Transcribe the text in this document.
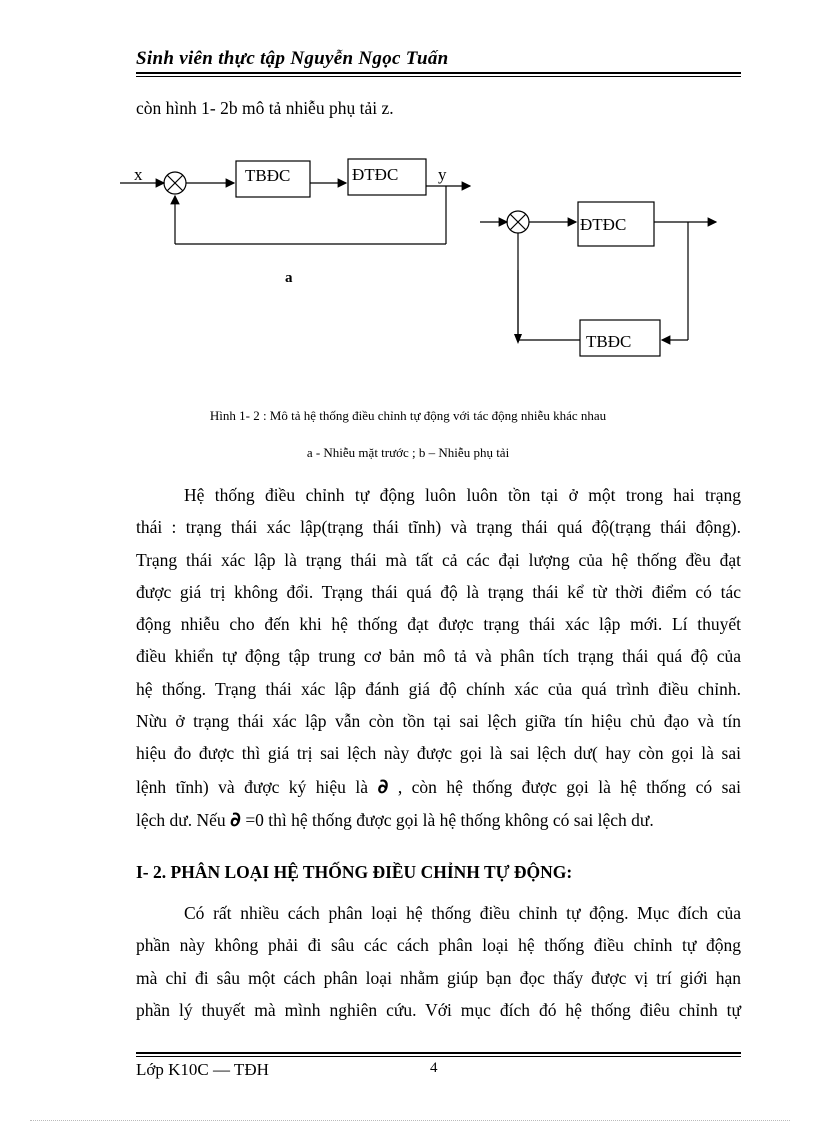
Sinh viên thực tập Nguyễn Ngọc Tuấn
còn hình 1- 2b mô tả nhiễu phụ tải z.
x	y
TBĐC	ĐTĐC
a
ĐTĐC
TBĐC
Hình 1- 2 : Mô tả hệ thống điều chỉnh tự động với tác động nhiễu khác nhau
a - Nhiễu mặt trước ; b – Nhiễu phụ tải
Hệ thống điều chỉnh tự động luôn luôn tồn tại ở một trong hai trạng
thái : trạng thái xác lập(trạng thái tĩnh) và trạng thái quá độ(trạng thái động).
Trạng thái xác lập là trạng thái mà tất cả các đại lượng của hệ thống đều đạt
được giá trị không đổi. Trạng thái quá độ là trạng thái kể từ thời điểm có tác
động nhiễu cho đến khi hệ thống đạt được trạng thái xác lập mới. Lí thuyết
điều khiển tự động tập trung cơ bản mô tả và phân tích trạng thái quá độ của
hệ thống. Trạng thái xác lập đánh giá độ chính xác của quá trình điều chỉnh.
Nừu ở trạng thái xác lập vẫn còn tồn tại sai lệch giữa tín hiệu chủ đạo và tín
hiệu đo được thì giá trị sai lệch này được gọi là sai lệch dư( hay còn gọi là sai
lệnh tĩnh) và được ký hiệu là ∂ , còn hệ thống được gọi là hệ thống có sai
lệch dư. Nếu ∂ =0 thì hệ thống được gọi là hệ thống không có sai lệch dư.
I- 2. PHÂN LOẠI HỆ THỐNG ĐIỀU CHỈNH TỰ ĐỘNG:
Có rất nhiều cách phân loại hệ thống điều chỉnh tự động. Mục đích của
phần này không phải đi sâu các cách phân loại hệ thống điều chỉnh tự động
mà chỉ đi sâu một cách phân loại nhằm giúp bạn đọc thấy được vị trí giới hạn
phần lý thuyết mà mình nghiên cứu. Với mục đích đó hệ thống điêu chỉnh tự
Lớp K10C — TĐH	4
